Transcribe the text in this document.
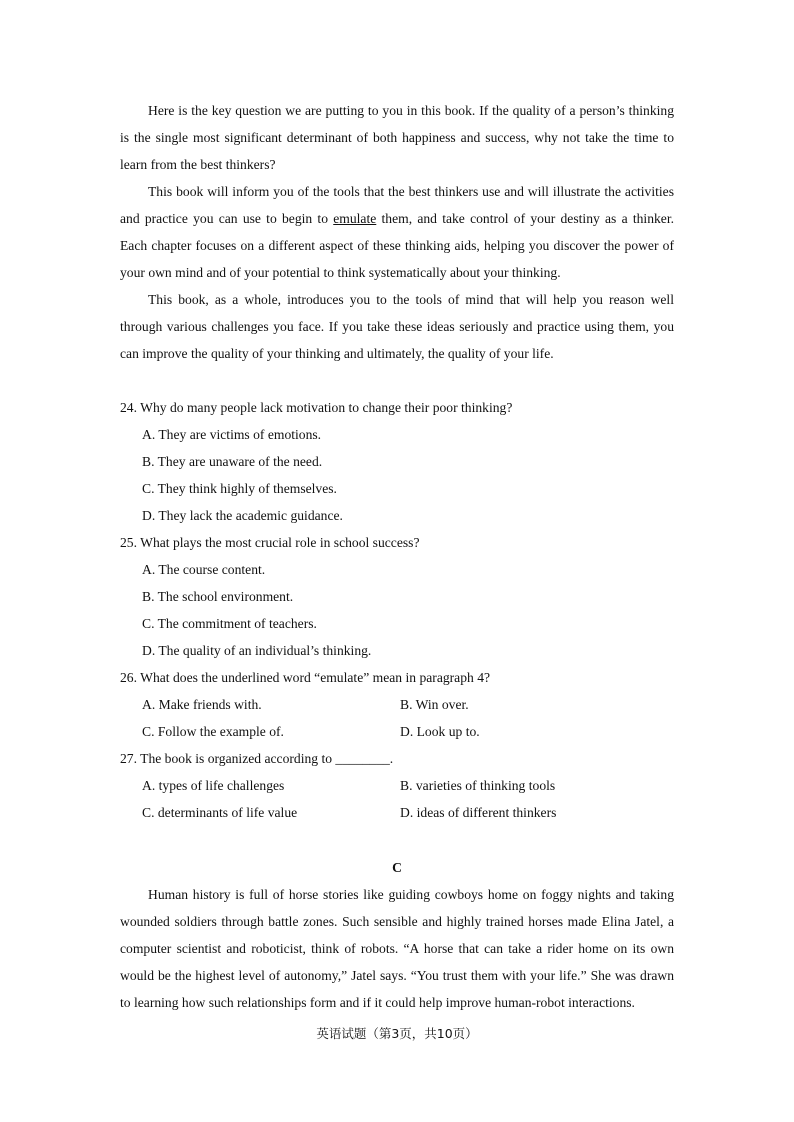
Here is the key question we are putting to you in this book. If the quality of a person’s thinking
is the single most significant determinant of both happiness and success, why not take the time to
learn from the best thinkers?
This book will inform you of the tools that the best thinkers use and will illustrate the activities
and practice you can use to begin to emulate them, and take control of your destiny as a thinker.
Each chapter focuses on a different aspect of these thinking aids, helping you discover the power of
your own mind and of your potential to think systematically about your thinking.
This book, as a whole, introduces you to the tools of mind that will help you reason well
through various challenges you face. If you take these ideas seriously and practice using them, you
can improve the quality of your thinking and ultimately, the quality of your life.
24. Why do many people lack motivation to change their poor thinking?
A. They are victims of emotions.
B. They are unaware of the need.
C. They think highly of themselves.
D. They lack the academic guidance.
25. What plays the most crucial role in school success?
A. The course content.
B. The school environment.
C. The commitment of teachers.
D. The quality of an individual’s thinking.
26. What does the underlined word “emulate” mean in paragraph 4?
A. Make friends with.	B. Win over.
C. Follow the example of.	D. Look up to.
27. The book is organized according to ________.
A. types of life challenges	B. varieties of thinking tools
C. determinants of life value	D. ideas of different thinkers
C
Human history is full of horse stories like guiding cowboys home on foggy nights and taking
wounded soldiers through battle zones. Such sensible and highly trained horses made Elina Jatel, a
computer scientist and roboticist, think of robots. “A horse that can take a rider home on its own
would be the highest level of autonomy,” Jatel says. “You trust them with your life.” She was drawn
to learning how such relationships form and if it could help improve human-robot interactions.
英语试题（第3页，共10页）
